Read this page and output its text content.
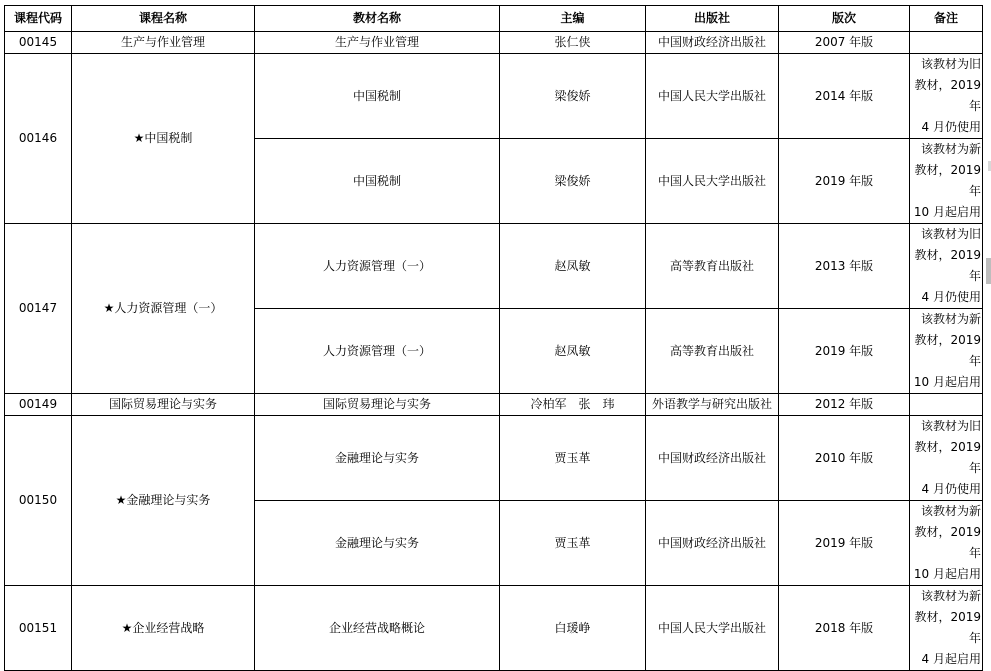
课程代码	课程名称	教材名称	主编	出版社	版次	备注
00145	生产与作业管理	生产与作业管理	张仁侠	中国财政经济出版社	2007 年版	
00146	★中国税制	中国税制	梁俊娇	中国人民大学出版社	2014 年版	该教材为旧
教材，2019 年
4 月仍使用

		中国税制	梁俊娇	中国人民大学出版社	2019 年版	该教材为新
教材，2019 年
10 月起启用

00147	★人力资源管理（一）	人力资源管理（一）	赵凤敏	高等教育出版社	2013 年版	该教材为旧
教材，2019 年
4 月仍使用

		人力资源管理（一）	赵凤敏	高等教育出版社	2019 年版	该教材为新
教材，2019 年
10 月起启用

00149	国际贸易理论与实务	国际贸易理论与实务	冷柏军　张　玮	外语教学与研究出版社	2012 年版	
00150	★金融理论与实务	金融理论与实务	贾玉革	中国财政经济出版社	2010 年版	该教材为旧
教材，2019 年
4 月仍使用

		金融理论与实务	贾玉革	中国财政经济出版社	2019 年版	该教材为新
教材，2019 年
10 月起启用

00151	★企业经营战略	企业经营战略概论	白瑗峥	中国人民大学出版社	2018 年版	该教材为新
教材，2019 年
4 月起启用
